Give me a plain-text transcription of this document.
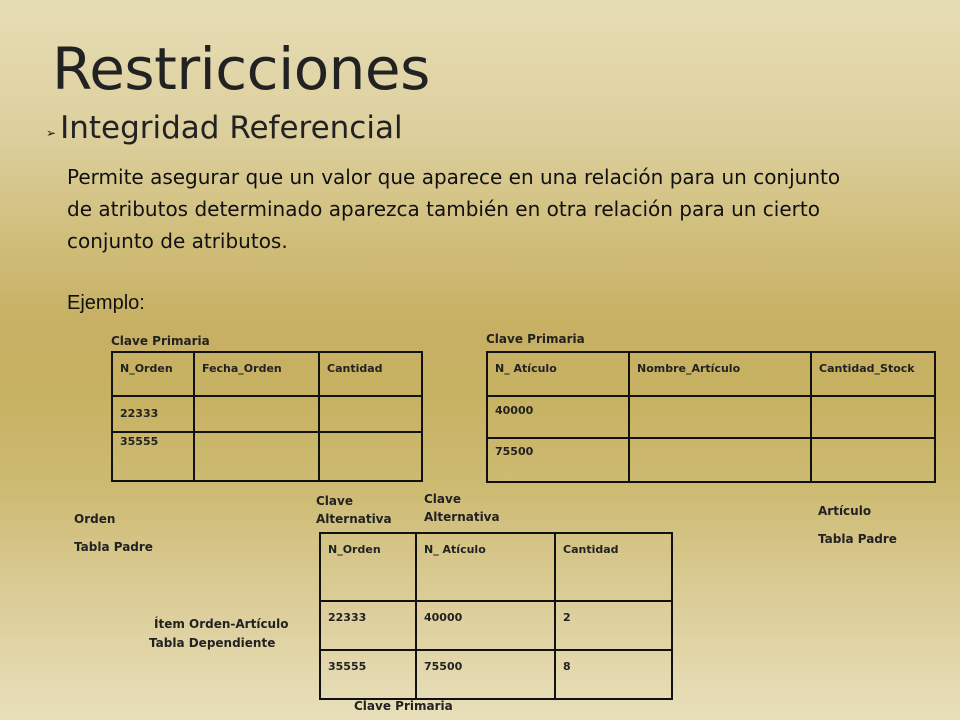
Restricciones
➢ Integridad Referencial
Permite asegurar que un valor que aparece en una relación para un conjunto de atributos determinado aparezca también en otra relación para un cierto conjunto de atributos.
Ejemplo:
Clave Primaria	Clave Primaria
Clave
Alternativa
Clave
Alternativa
Orden
Tabla Padre
Artículo
Tabla Padre
Ítem Orden-Artículo
Tabla Dependiente
Clave Primaria
N_Orden	Fecha_Orden	Cantidad

22333		

35555		

N_ Atículo	Nombre_Artículo	Cantidad_Stock

40000		

75500		

N_Orden	N_ Atículo	Cantidad

22333	40000	2

35555	75500	8
